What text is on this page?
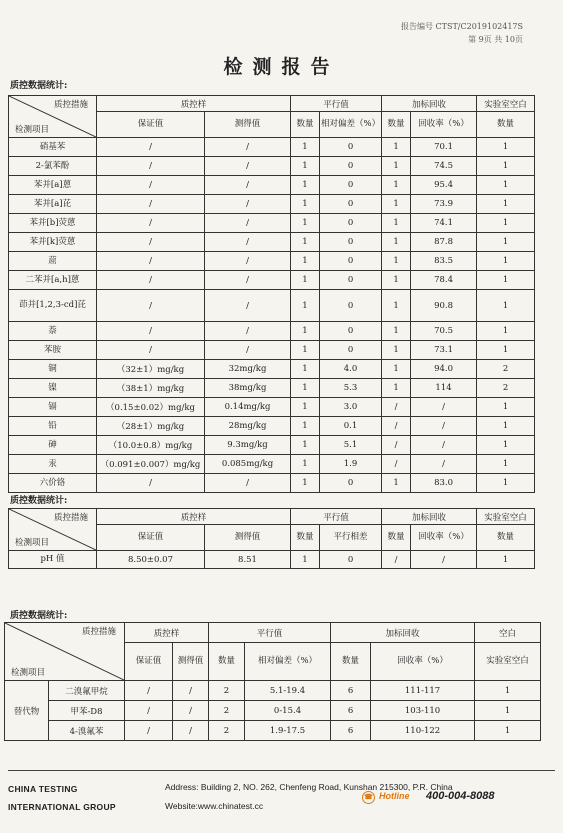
报告编号 CTST/C2019102417S
第 9页 共 10页
检测报告
质控数据统计:
质控措施
检测项目	质控样		平行值		加标回收		实验室空白
	保证值	测得值	数量	相对偏差（%）	数量	回收率（%）	数量
硝基苯	/	/	1	0	1	70.1	1
2-氯苯酚	/	/	1	0	1	74.5	1
苯并[a]蒽	/	/	1	0	1	95.4	1
苯并[a]芘	/	/	1	0	1	73.9	1
苯并[b]荧蒽	/	/	1	0	1	74.1	1
苯并[k]荧蒽	/	/	1	0	1	87.8	1
䓛	/	/	1	0	1	83.5	1
二苯并[a,h]蒽	/	/	1	0	1	78.4	1
茚并[1,2,3-cd]芘	/	/	1	0	1	90.8	1
萘	/	/	1	0	1	70.5	1
苯胺	/	/	1	0	1	73.1	1
铜	（32±1）mg/kg	32mg/kg	1	4.0	1	94.0	2
镍	（38±1）mg/kg	38mg/kg	1	5.3	1	114	2
镉	（0.15±0.02）mg/kg	0.14mg/kg	1	3.0	/	/	1
铅	（28±1）mg/kg	28mg/kg	1	0.1	/	/	1
砷	（10.0±0.8）mg/kg	9.3mg/kg	1	5.1	/	/	1
汞	（0.091±0.007）mg/kg	0.085mg/kg	1	1.9	/	/	1
六价铬	/	/	1	0	1	83.0	1
质控数据统计:
质控措施
检测项目	质控样		平行值		加标回收		实验室空白
	保证值	测得值	数量	平行相差	数量	回收率（%）	数量
pH 值	8.50±0.07	8.51	1	0	/	/	1
质控数据统计:
质控措施
检测项目		质控样		平行值		加标回收		空白
		保证值	测得值	数量	相对偏差（%）	数量	回收率（%）	实验室空白
替代物	二溴氟甲烷	/	/	2	5.1-19.4	6	111-117	1
	甲苯-D8	/	/	2	0-15.4	6	103-110	1
	4-溴氟苯	/	/	2	1.9-17.5	6	110-122	1
CHINA TESTING
INTERNATIONAL GROUP
Address: Building 2, NO. 262, Chenfeng Road, Kunshan 215300, P.R. China
Website:www.chinatest.cc
☎ Hotline 400-004-8088
